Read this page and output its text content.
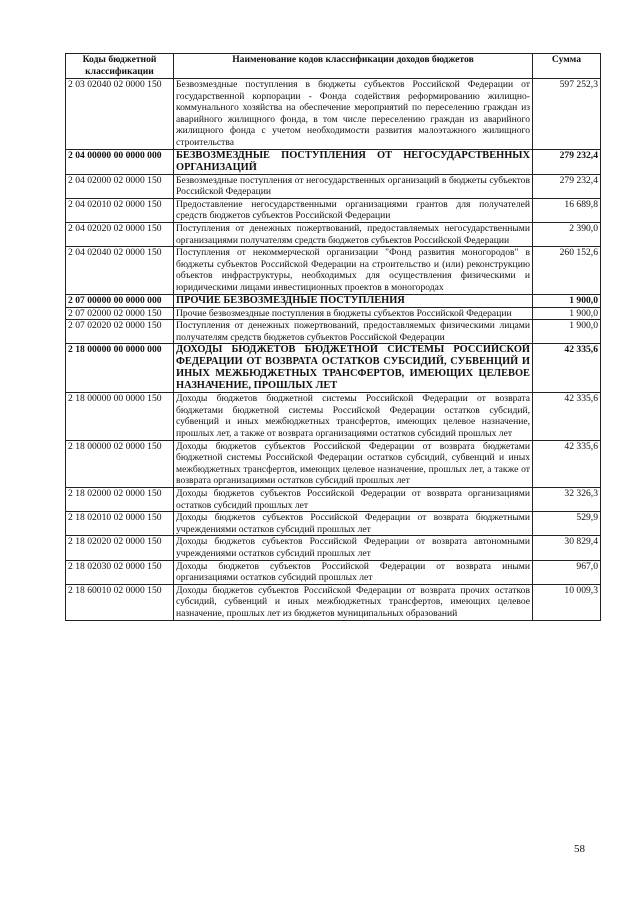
Коды бюджетной классификации	Наименование кодов классификации доходов бюджетов	Сумма
2 03 02040 02 0000 150	Безвозмездные поступления в бюджеты субъектов Российской Федерации от государственной корпорации - Фонда содействия реформированию жилищно-коммунального хозяйства на обеспечение мероприятий по переселению граждан из аварийного жилищного фонда, в том числе переселению граждан из аварийного жилищного фонда с учетом необходимости развития малоэтажного жилищного строительства	597 252,3
2 04 00000 00 0000 000	БЕЗВОЗМЕЗДНЫЕ ПОСТУПЛЕНИЯ ОТ НЕГОСУДАРСТВЕННЫХ ОРГАНИЗАЦИЙ	279 232,4
2 04 02000 02 0000 150	Безвозмездные поступления от негосударственных организаций в бюджеты субъектов Российской Федерации	279 232,4
2 04 02010 02 0000 150	Предоставление негосударственными организациями грантов для получателей средств бюджетов субъектов Российской Федерации	16 689,8
2 04 02020 02 0000 150	Поступления от денежных пожертвований, предоставляемых негосударственными организациями получателям средств бюджетов субъектов Российской Федерации	2 390,0
2 04 02040 02 0000 150	Поступления от некоммерческой организации "Фонд развития моногородов" в бюджеты субъектов Российской Федерации на строительство и (или) реконструкцию объектов инфраструктуры, необходимых для осуществления физическими и юридическими лицами инвестиционных проектов в моногородах	260 152,6
2 07 00000 00 0000 000	ПРОЧИЕ БЕЗВОЗМЕЗДНЫЕ ПОСТУПЛЕНИЯ	1 900,0
2 07 02000 02 0000 150	Прочие безвозмездные поступления в бюджеты субъектов Российской Федерации	1 900,0
2 07 02020 02 0000 150	Поступления от денежных пожертвований, предоставляемых физическими лицами получателям средств бюджетов субъектов Российской Федерации	1 900,0
2 18 00000 00 0000 000	ДОХОДЫ БЮДЖЕТОВ БЮДЖЕТНОЙ СИСТЕМЫ РОССИЙСКОЙ ФЕДЕРАЦИИ ОТ ВОЗВРАТА ОСТАТКОВ СУБСИДИЙ, СУБВЕНЦИЙ И ИНЫХ МЕЖБЮДЖЕТНЫХ ТРАНСФЕРТОВ, ИМЕЮЩИХ ЦЕЛЕВОЕ НАЗНАЧЕНИЕ, ПРОШЛЫХ ЛЕТ	42 335,6
2 18 00000 00 0000 150	Доходы бюджетов бюджетной системы Российской Федерации от возврата бюджетами бюджетной системы Российской Федерации остатков субсидий, субвенций и иных межбюджетных трансфертов, имеющих целевое назначение, прошлых лет, а также от возврата организациями остатков субсидий прошлых лет	42 335,6
2 18 00000 02 0000 150	Доходы бюджетов субъектов Российской Федерации от возврата бюджетами бюджетной системы Российской Федерации остатков субсидий, субвенций и иных межбюджетных трансфертов, имеющих целевое назначение, прошлых лет, а также от возврата организациями остатков субсидий прошлых лет	42 335,6
2 18 02000 02 0000 150	Доходы бюджетов субъектов Российской Федерации от возврата организациями остатков субсидий прошлых лет	32 326,3
2 18 02010 02 0000 150	Доходы бюджетов субъектов Российской Федерации от возврата бюджетными учреждениями остатков субсидий прошлых лет	529,9
2 18 02020 02 0000 150	Доходы бюджетов субъектов Российской Федерации от возврата автономными учреждениями остатков субсидий прошлых лет	30 829,4
2 18 02030 02 0000 150	Доходы бюджетов субъектов Российской Федерации от возврата иными организациями остатков субсидий прошлых лет	967,0
2 18 60010 02 0000 150	Доходы бюджетов субъектов Российской Федерации от возврата прочих остатков субсидий, субвенций и иных межбюджетных трансфертов, имеющих целевое назначение, прошлых лет из бюджетов муниципальных образований	10 009,3
58
